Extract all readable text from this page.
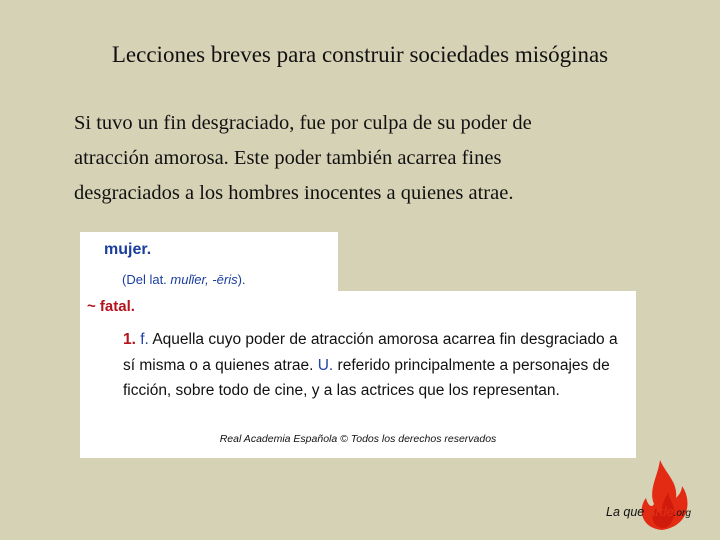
Lecciones breves para construir sociedades misóginas
Si tuvo un fin desgraciado, fue por culpa de su poder de
atracción amorosa. Este poder también acarrea fines
desgraciados a los hombres inocentes a quienes atrae.
mujer.
(Del lat. mulĭer, -ēris).
~ fatal.
1. f. Aquella cuyo poder de atracción amorosa acarrea fin desgraciado a sí misma o a quienes atrae. U. referido principalmente a personajes de ficción, sobre todo de cine, y a las actrices que los representan.
Real Academia Española © Todos los derechos reservados
La que Arde.org
